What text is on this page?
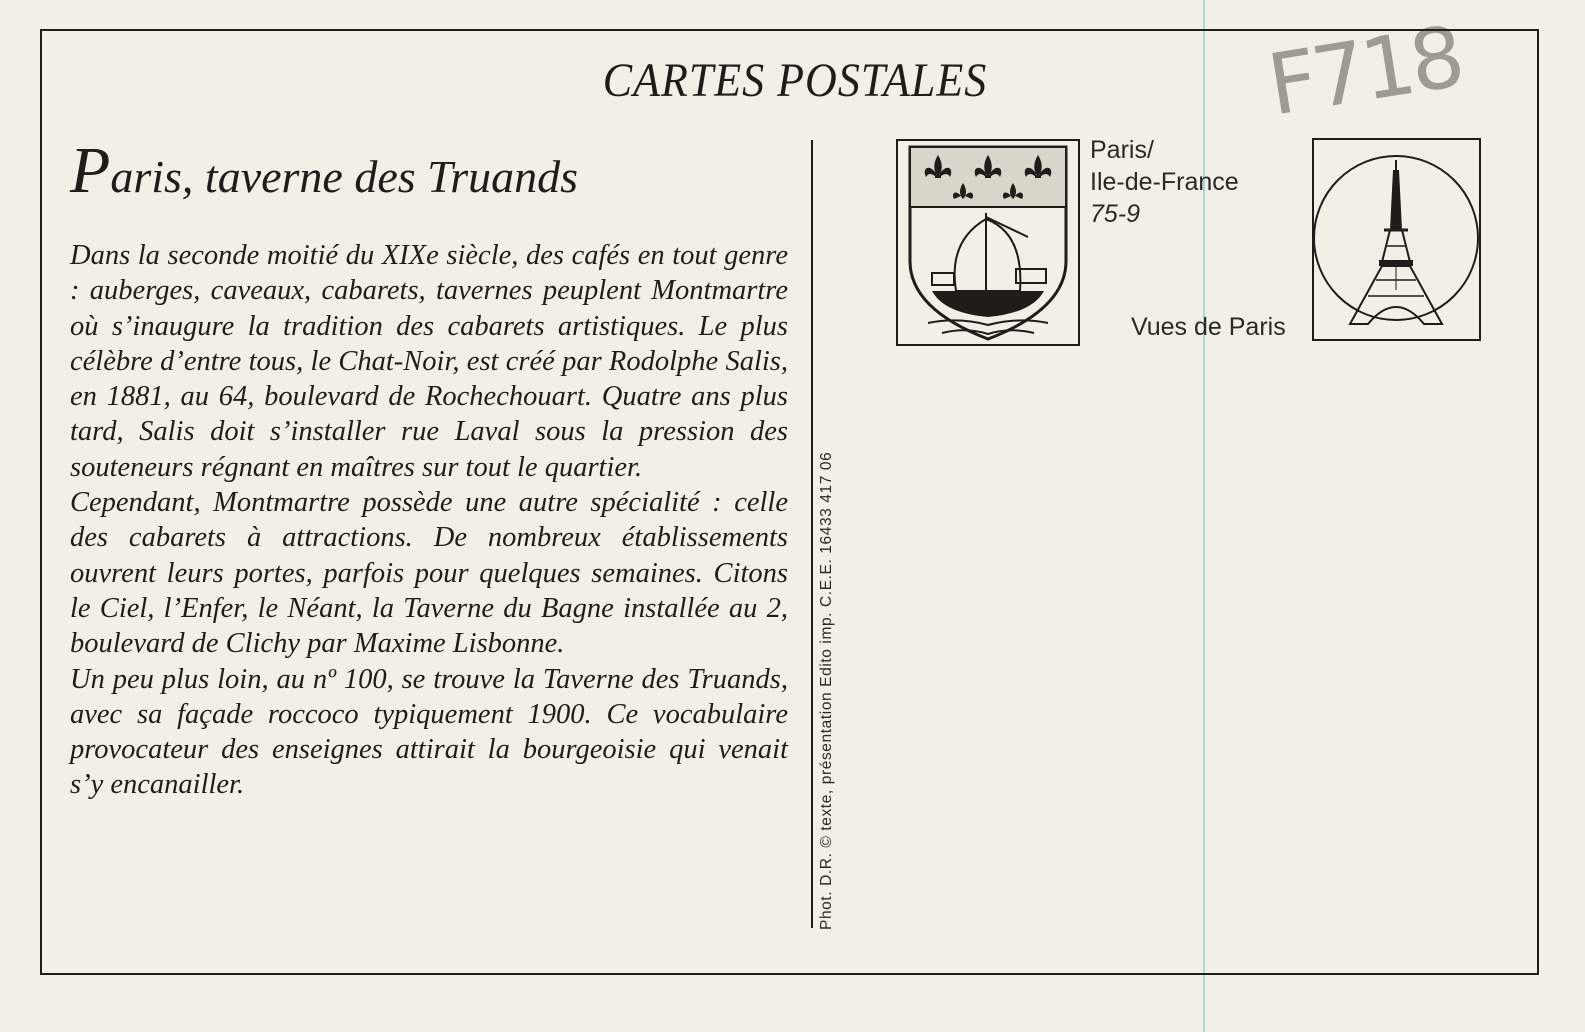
F718
CARTES POSTALES
Paris, taverne des Truands

Dans la seconde moitié du XIXe siècle, des cafés en tout genre : auberges, caveaux, cabarets, tavernes peuplent Montmartre où s’inaugure la tradition des cabarets artistiques. Le plus célèbre d’entre tous, le Chat-Noir, est créé par Rodolphe Salis, en 1881, au 64, boulevard de Rochechouart. Quatre ans plus tard, Salis doit s’installer rue Laval sous la pression des souteneurs régnant en maîtres sur tout le quartier.

Cependant, Montmartre possède une autre spécialité : celle des cabarets à attractions. De nombreux établissements ouvrent leurs portes, parfois pour quelques semaines. Citons le Ciel, l’Enfer, le Néant, la Taverne du Bagne installée au 2, boulevard de Clichy par Maxime Lisbonne.

Un peu plus loin, au nº 100, se trouve la Taverne des Truands, avec sa façade roccoco typiquement 1900. Ce vocabulaire provocateur des enseignes attirait la bourgeoisie qui venait s’y encanailler.	Phot. D.R. © texte, présentation Edito imp. C.E.E. 16433 417 06
Paris/
Ile-de-France
75-9
Vues de Paris
